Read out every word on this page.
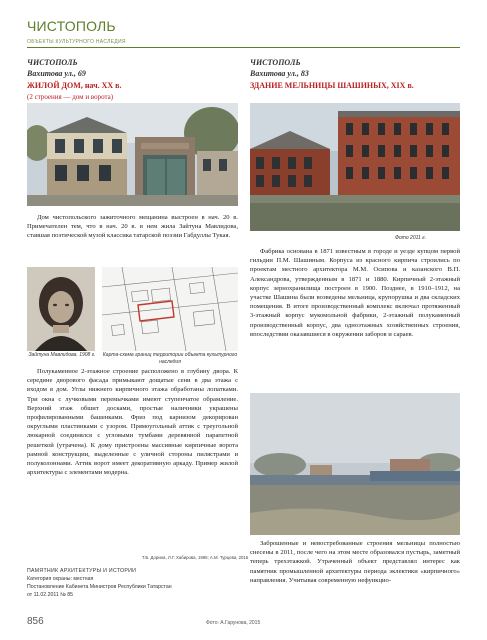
ЧИСТОПОЛЬ
ОБЪЕКТЫ КУЛЬТУРНОГО НАСЛЕДИЯ
ЧИСТОПОЛЬ
Вахитова ул., 69
ЖИЛОЙ ДОМ, нач. XX в.
(2 строения — дом и ворота)
ЧИСТОПОЛЬ
Вахитова ул., 83
ЗДАНИЕ МЕЛЬНИЦЫ ШАШИНЫХ, XIX в.
Фото 2011 г.
Дом чистопольского зажиточного мещанина выстроен в нач. 20 в. Примечателен тем, что в нач. 20 в. в нем жила Зайтуна Мавлидова, ставшая поэтической музой классика татарской поэзии Габдуллы Тукая.
Зайтуна Мавлидова. 1908 г. Карта-схема границ территории объекта культурного наследия
Полукаменное 2-этажное строение расположено в глубину двора. К середине дворового фасада примыкают дощатые сени в два этажа с входом в дом. Углы нижнего кирпичного этажа обработаны лопатками. Три окна с лучковыми перемычками имеют ступенчатое обрамление. Верхний этаж обшит досками, простые наличники украшены профилированными башенками. Фриз под карнизом декорирован округлыми пластинками с узором. Прямоугольный аттик с треугольной люкарной соединялся с угловыми тумбами деревянной парапетной решеткой (утрачена). К дому пристроены массивные кирпичные ворота рамной конструкции, выделенные с уличной стороны пилястрами и полуколоннами. Аттик ворот имеет декоративную аркаду. Пример жилой архитектуры с элементами модерна.
Т.Б. Дорина, Л.Г. Хабирова, 1995; А.М. Турцева, 2016
ПАМЯТНИК АРХИТЕКТУРЫ И ИСТОРИИ
Категория охраны: местная
Постановление Кабинета Министров Республики Татарстан
от 11.02.2011 № 85
Фабрика основана в 1871 известным в городе и уезде купцом первой гильдии П.М. Шашиным. Корпуса из красного кирпича строились по проектам местного архитектора М.М. Осипова и казанского В.П. Александрова, утвержденным в 1871 и 1880. Кирпичный 2-этажный корпус зернохранилища построен в 1900. Позднее, в 1910–1912, на участке Шашина были возведены мельница, крупорушка и два складских помещения. В итоге производственный комплекс включал протяженный 3-этажный корпус мукомольной фабрики, 2-этажный полукаменный производственный корпус, два одноэтажных хозяйственных строения, впоследствии оказавшиеся в окружении заборов и сараев.
Заброшенные и невостребованные строения мельницы полностью снесены в 2011, после чего на этом месте образовался пустырь, заметный теперь трехэтажкой. Утраченный объект представлял интерес как памятник промышленной архитектуры периода эклектики «кирпичного» направления. Учитывая современную нефункцио-
856	Фото: А.Гарунова, 2015
